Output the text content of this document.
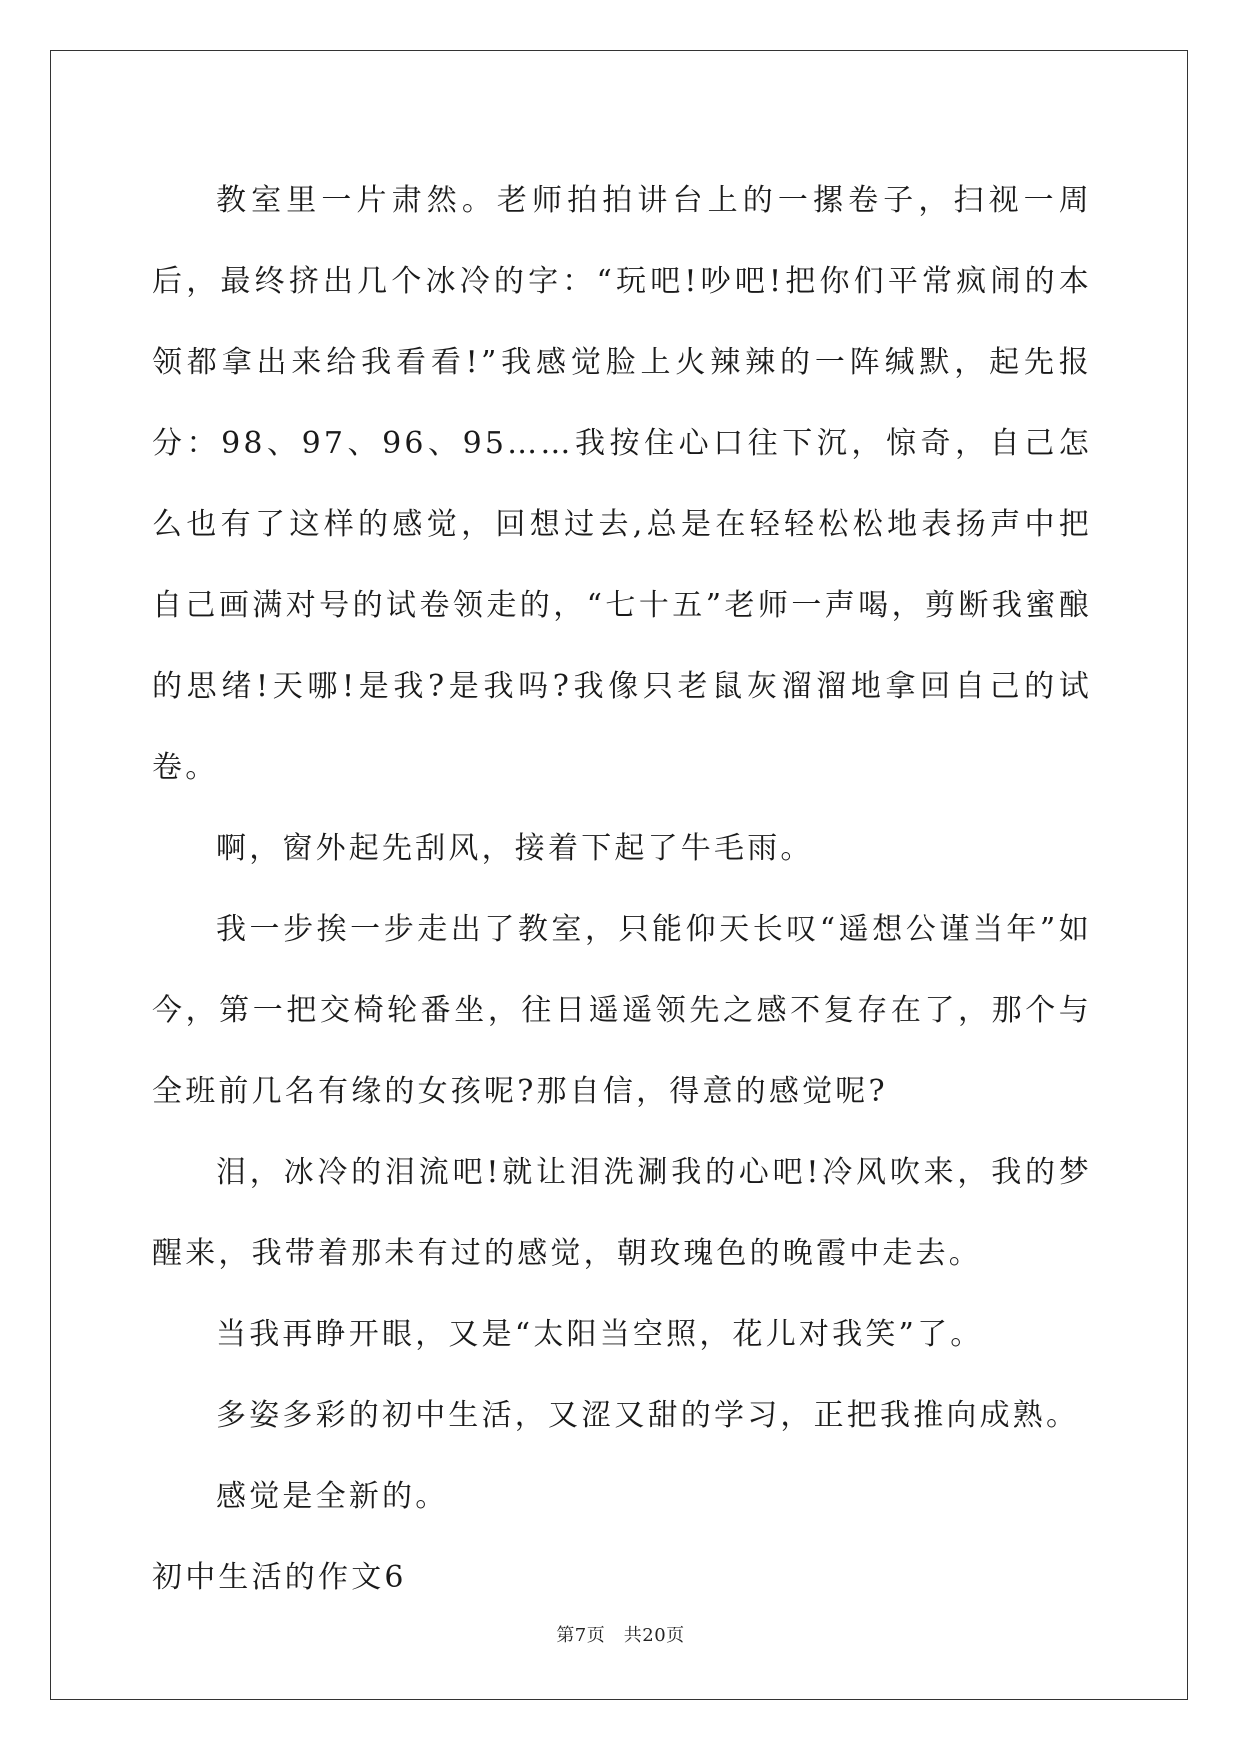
教室里一片肃然。老师拍拍讲台上的一摞卷子，扫视一周后，最终挤出几个冰冷的字：“玩吧!吵吧!把你们平常疯闹的本领都拿出来给我看看!”我感觉脸上火辣辣的一阵缄默，起先报分：98、97、96、95……我按住心口往下沉，惊奇，自己怎么也有了这样的感觉，回想过去,总是在轻轻松松地表扬声中把自己画满对号的试卷领走的，“七十五”老师一声喝，剪断我蜜酿的思绪!天哪!是我?是我吗?我像只老鼠灰溜溜地拿回自己的试卷。

啊，窗外起先刮风，接着下起了牛毛雨。

我一步挨一步走出了教室，只能仰天长叹“遥想公谨当年”如今，第一把交椅轮番坐，往日遥遥领先之感不复存在了，那个与全班前几名有缘的女孩呢?那自信，得意的感觉呢?

泪，冰冷的泪流吧!就让泪洗涮我的心吧!冷风吹来，我的梦醒来，我带着那未有过的感觉，朝玫瑰色的晚霞中走去。

当我再睁开眼，又是“太阳当空照，花儿对我笑”了。

多姿多彩的初中生活，又涩又甜的学习，正把我推向成熟。

感觉是全新的。

初中生活的作文6

第7页　共20页
